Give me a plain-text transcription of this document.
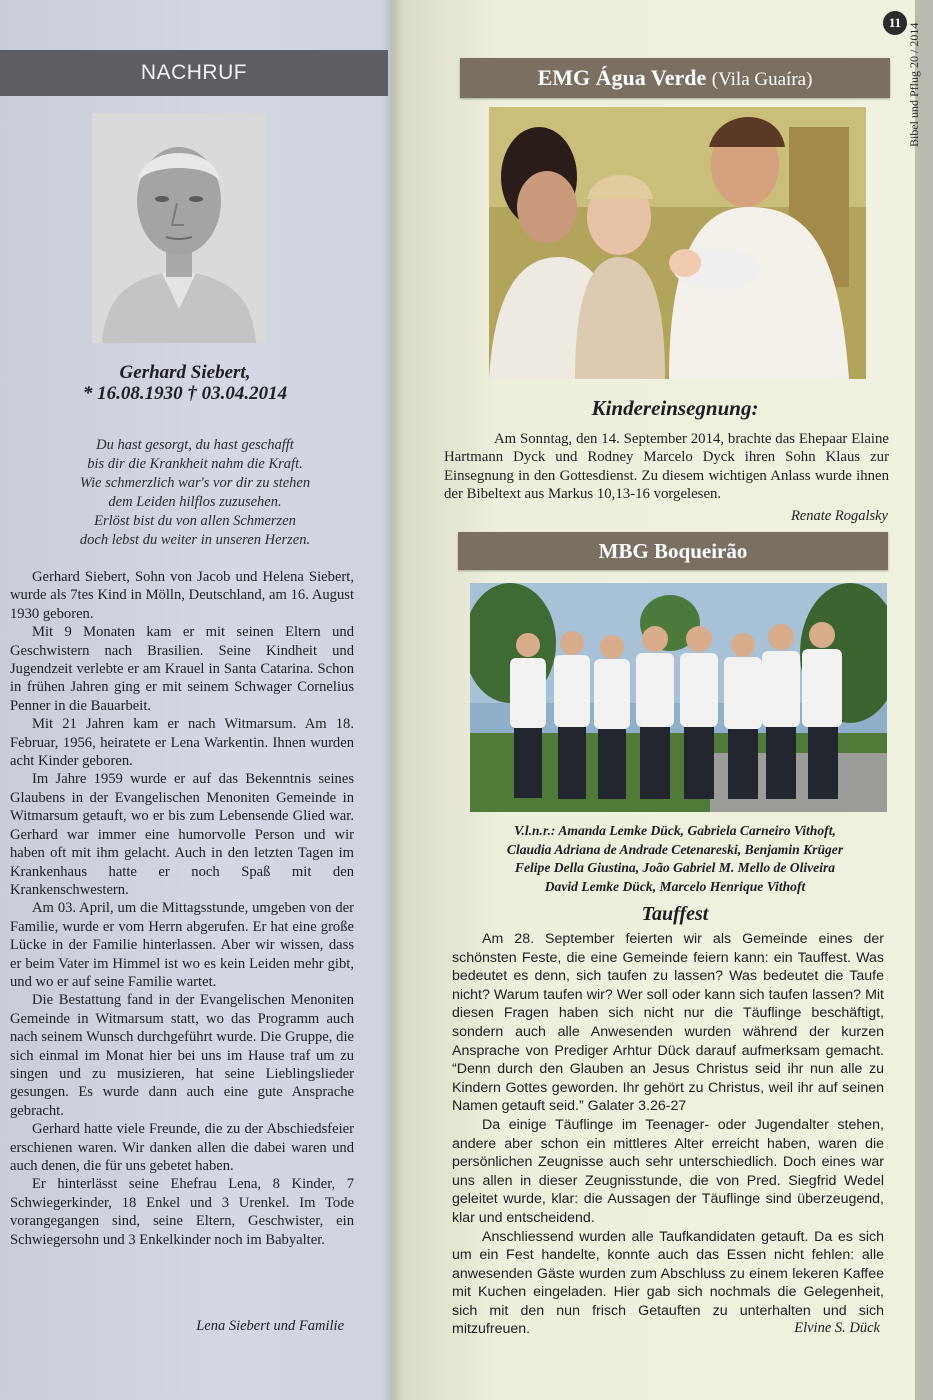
NACHRUF
Gerhard Siebert,
* 16.08.1930 † 03.04.2014
Du hast gesorgt, du hast geschafft
bis dir die Krankheit nahm die Kraft.
Wie schmerzlich war's vor dir zu stehen
dem Leiden hilflos zuzusehen.
Erlöst bist du von allen Schmerzen
doch lebst du weiter in unseren Herzen.

Gerhard Siebert, Sohn von Jacob und Helena Siebert, wurde als 7tes Kind in Mölln, Deutschland, am 16. August 1930 geboren.

Mit 9 Monaten kam er mit seinen Eltern und Geschwistern nach Brasilien. Seine Kindheit und Jugendzeit verlebte er am Krauel in Santa Catarina. Schon in frühen Jahren ging er mit seinem Schwager Cornelius Penner in die Bauarbeit.

Mit 21 Jahren kam er nach Witmarsum. Am 18. Februar, 1956, heiratete er Lena Warkentin. Ihnen wurden acht Kinder geboren.

Im Jahre 1959 wurde er auf das Bekenntnis seines Glaubens in der Evangelischen Menoniten Gemeinde in Witmarsum getauft, wo er bis zum Lebensende Glied war. Gerhard war immer eine humorvolle Person und wir haben oft mit ihm gelacht. Auch in den letzten Tagen im Krankenhaus hatte er noch Spaß mit den Krankenschwestern.

Am 03. April, um die Mittagsstunde, umgeben von der Familie, wurde er vom Herrn abgerufen. Er hat eine große Lücke in der Familie hinterlassen. Aber wir wissen, dass er beim Vater im Himmel ist wo es kein Leiden mehr gibt, und wo er auf seine Familie wartet.

Die Bestattung fand in der Evangelischen Menoniten Gemeinde in Witmarsum statt, wo das Programm auch nach seinem Wunsch durchgeführt wurde. Die Gruppe, die sich einmal im Monat hier bei uns im Hause traf um zu singen und zu musizieren, hat seine Lieblingslieder gesungen. Es wurde dann auch eine gute Ansprache gebracht.

Gerhard hatte viele Freunde, die zu der Abschiedsfeier erschienen waren. Wir danken allen die dabei waren und auch denen, die für uns gebetet haben.

Er hinterlässt seine Ehefrau Lena, 8 Kinder, 7 Schwiegerkinder, 18 Enkel und 3 Urenkel. Im Tode vorangegangen sind, seine Eltern, Geschwister, ein Schwiegersohn und 3 Enkelkinder noch im Babyalter.

Lena Siebert und Familie
11
Bibel und Pflug 20 / 2014
EMG Água Verde (Vila Guaíra)
Kindereinsegnung:

Am Sonntag, den 14. September 2014, brachte das Ehepaar Elaine Hartmann Dyck und Rodney Marcelo Dyck ihren Sohn Klaus zur Einsegnung in den Gottesdienst. Zu diesem wichtigen Anlass wurde ihnen der Bibeltext aus Markus 10,13-16 vorgelesen.

Renate Rogalsky
MBG Boqueirão
V.l.n.r.: Amanda Lemke Dück, Gabriela Carneiro Vithoft,
Claudia Adriana de Andrade Cetenareski, Benjamin Krüger
Felipe Della Giustina, João Gabriel M. Mello de Oliveira
David Lemke Dück, Marcelo Henrique Vithoft
Tauffest

Am 28. September feierten wir als Gemeinde eines der schönsten Feste, die eine Gemeinde feiern kann: ein Tauffest. Was bedeutet es denn, sich taufen zu lassen? Was bedeutet die Taufe nicht? Warum taufen wir? Wer soll oder kann sich taufen lassen? Mit diesen Fragen haben sich nicht nur die Täuflinge beschäftigt, sondern auch alle Anwesenden wurden während der kurzen Ansprache von Prediger Arhtur Dück darauf aufmerksam gemacht. “Denn durch den Glauben an Jesus Christus seid ihr nun alle zu Kindern Gottes geworden. Ihr gehört zu Christus, weil ihr auf seinen Namen getauft seid.” Galater 3.26-27

Da einige Täuflinge im Teenager- oder Jugendalter stehen, andere aber schon ein mittleres Alter erreicht haben, waren die persönlichen Zeugnisse auch sehr unterschiedlich. Doch eines war uns allen in dieser Zeugnisstunde, die von Pred. Siegfrid Wedel geleitet wurde, klar: die Aussagen der Täuflinge sind überzeugend, klar und entscheidend.

Anschliessend wurden alle Taufkandidaten getauft. Da es sich um ein Fest handelte, konnte auch das Essen nicht fehlen: alle anwesenden Gäste wurden zum Abschluss zu einem lekeren Kaffee mit Kuchen eingeladen. Hier gab sich nochmals die Gelegenheit, sich mit den nun frisch Getauften zu unterhalten und sich mitzufreuen.	Elvine S. Dück
